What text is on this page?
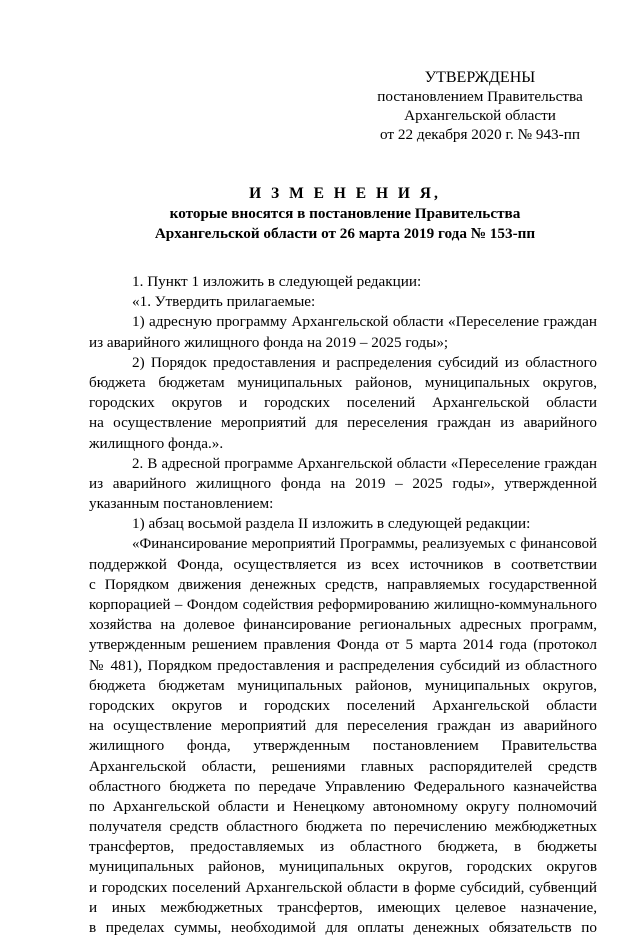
УТВЕРЖДЕНЫ
постановлением Правительства
Архангельской области
от 22 декабря 2020 г. № 943-пп
И З М Е Н Е Н И Я,
которые вносятся в постановление Правительства
Архангельской области от 26 марта 2019 года № 153-пп
1. Пункт 1 изложить в следующей редакции:
«1. Утвердить прилагаемые:
1) адресную программу Архангельской области «Переселение граждан
из аварийного жилищного фонда на 2019 – 2025 годы»;
2) Порядок предоставления и распределения субсидий из областного
бюджета бюджетам муниципальных районов, муниципальных округов,
городских округов и городских поселений Архангельской области
на осуществление мероприятий для переселения граждан из аварийного
жилищного фонда.».
2. В адресной программе Архангельской области «Переселение граждан
из аварийного жилищного фонда на 2019 – 2025 годы», утвержденной
указанным постановлением:
1) абзац восьмой раздела II изложить в следующей редакции:
«Финансирование мероприятий Программы, реализуемых с финансовой
поддержкой Фонда, осуществляется из всех источников в соответствии
с Порядком движения денежных средств, направляемых государственной
корпорацией – Фондом содействия реформированию жилищно-коммунального
хозяйства на долевое финансирование региональных адресных программ,
утвержденным решением правления Фонда от 5 марта 2014 года (протокол
№ 481), Порядком предоставления и распределения субсидий из областного
бюджета бюджетам муниципальных районов, муниципальных округов,
городских округов и городских поселений Архангельской области
на осуществление мероприятий для переселения граждан из аварийного
жилищного фонда, утвержденным постановлением Правительства
Архангельской области, решениями главных распорядителей средств
областного бюджета по передаче Управлению Федерального казначейства
по Архангельской области и Ненецкому автономному округу полномочий
получателя средств областного бюджета по перечислению межбюджетных
трансфертов, предоставляемых из областного бюджета, в бюджеты
муниципальных районов, муниципальных округов, городских округов
и городских поселений Архангельской области в форме субсидий, субвенций
и иных межбюджетных трансфертов, имеющих целевое назначение,
в пределах суммы, необходимой для оплаты денежных обязательств по
